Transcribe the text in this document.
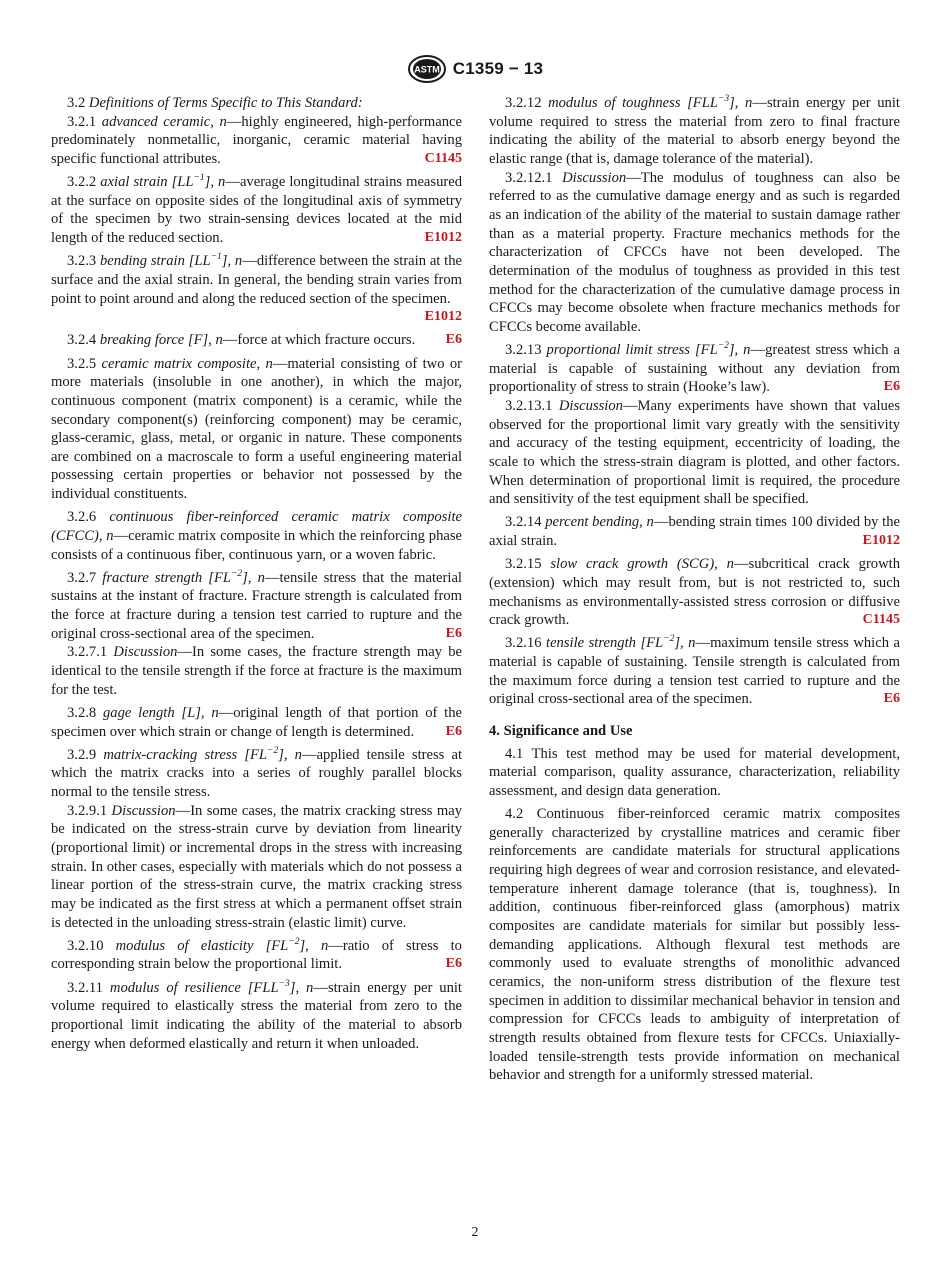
ASTM C1359 − 13

3.2 Definitions of Terms Specific to This Standard:

3.2.1 advanced ceramic, n—highly engineered, high-performance predominately nonmetallic, inorganic, ceramic material having specific functional attributes.	C1145

3.2.2 axial strain $[LL^{-1}]$, n—average longitudinal strains measured at the surface on opposite sides of the longitudinal axis of symmetry of the specimen by two strain-sensing devices located at the mid length of the reduced section.	E1012

3.2.3 bending strain $[LL^{-1}]$, n—difference between the strain at the surface and the axial strain. In general, the bending strain varies from point to point around and along the reduced section of the specimen.
E1012

3.2.4 breaking force [F], n—force at which fracture occurs.	E6

3.2.5 ceramic matrix composite, n—material consisting of two or more materials (insoluble in one another), in which the major, continuous component (matrix component) is a ceramic, while the secondary component(s) (reinforcing component) may be ceramic, glass-ceramic, glass, metal, or organic in nature. These components are combined on a macroscale to form a useful engineering material possessing certain properties or behavior not possessed by the individual constituents.

3.2.6 continuous fiber-reinforced ceramic matrix composite (CFCC), n—ceramic matrix composite in which the reinforcing phase consists of a continuous fiber, continuous yarn, or a woven fabric.

3.2.7 fracture strength $[FL^{-2}]$, n—tensile stress that the material sustains at the instant of fracture. Fracture strength is calculated from the force at fracture during a tension test carried to rupture and the original cross-sectional area of the specimen.	E6

3.2.7.1 Discussion—In some cases, the fracture strength may be identical to the tensile strength if the force at fracture is the maximum for the test.

3.2.8 gage length [L], n—original length of that portion of the specimen over which strain or change of length is determined.	E6

3.2.9 matrix-cracking stress $[FL^{-2}]$, n—applied tensile stress at which the matrix cracks into a series of roughly parallel blocks normal to the tensile stress.

3.2.9.1 Discussion—In some cases, the matrix cracking stress may be indicated on the stress-strain curve by deviation from linearity (proportional limit) or incremental drops in the stress with increasing strain. In other cases, especially with materials which do not possess a linear portion of the stress-strain curve, the matrix cracking stress may be indicated as the first stress at which a permanent offset strain is detected in the unloading stress-strain (elastic limit) curve.

3.2.10 modulus of elasticity $[FL^{-2}]$, n—ratio of stress to corresponding strain below the proportional limit.	E6

3.2.11 modulus of resilience $[FLL^{-3}]$, n—strain energy per unit volume required to elastically stress the material from zero to the proportional limit indicating the ability of the material to absorb energy when deformed elastically and return it when unloaded.

3.2.12 modulus of toughness $[FLL^{-3}]$, n—strain energy per unit volume required to stress the material from zero to final fracture indicating the ability of the material to absorb energy beyond the elastic range (that is, damage tolerance of the material).

3.2.12.1 Discussion—The modulus of toughness can also be referred to as the cumulative damage energy and as such is regarded as an indication of the ability of the material to sustain damage rather than as a material property. Fracture mechanics methods for the characterization of CFCCs have not been developed. The determination of the modulus of toughness as provided in this test method for the characterization of the cumulative damage process in CFCCs may become obsolete when fracture mechanics methods for CFCCs become available.

3.2.13 proportional limit stress $[FL^{-2}]$, n—greatest stress which a material is capable of sustaining without any deviation from proportionality of stress to strain (Hooke’s law).	E6

3.2.13.1 Discussion—Many experiments have shown that values observed for the proportional limit vary greatly with the sensitivity and accuracy of the testing equipment, eccentricity of loading, the scale to which the stress-strain diagram is plotted, and other factors. When determination of proportional limit is required, the procedure and sensitivity of the test equipment shall be specified.

3.2.14 percent bending, n—bending strain times 100 divided by the axial strain.	E1012

3.2.15 slow crack growth (SCG), n—subcritical crack growth (extension) which may result from, but is not restricted to, such mechanisms as environmentally-assisted stress corrosion or diffusive crack growth.	C1145

3.2.16 tensile strength $[FL^{-2}]$, n—maximum tensile stress which a material is capable of sustaining. Tensile strength is calculated from the maximum force during a tension test carried to rupture and the original cross-sectional area of the specimen.	E6

4. Significance and Use

4.1 This test method may be used for material development, material comparison, quality assurance, characterization, reliability assessment, and design data generation.

4.2 Continuous fiber-reinforced ceramic matrix composites generally characterized by crystalline matrices and ceramic fiber reinforcements are candidate materials for structural applications requiring high degrees of wear and corrosion resistance, and elevated-temperature inherent damage tolerance (that is, toughness). In addition, continuous fiber-reinforced glass (amorphous) matrix composites are candidate materials for similar but possibly less-demanding applications. Although flexural test methods are commonly used to evaluate strengths of monolithic advanced ceramics, the non-uniform stress distribution of the flexure test specimen in addition to dissimilar mechanical behavior in tension and compression for CFCCs leads to ambiguity of interpretation of strength results obtained from flexure tests for CFCCs. Uniaxially-loaded tensile-strength tests provide information on mechanical behavior and strength for a uniformly stressed material.

2
